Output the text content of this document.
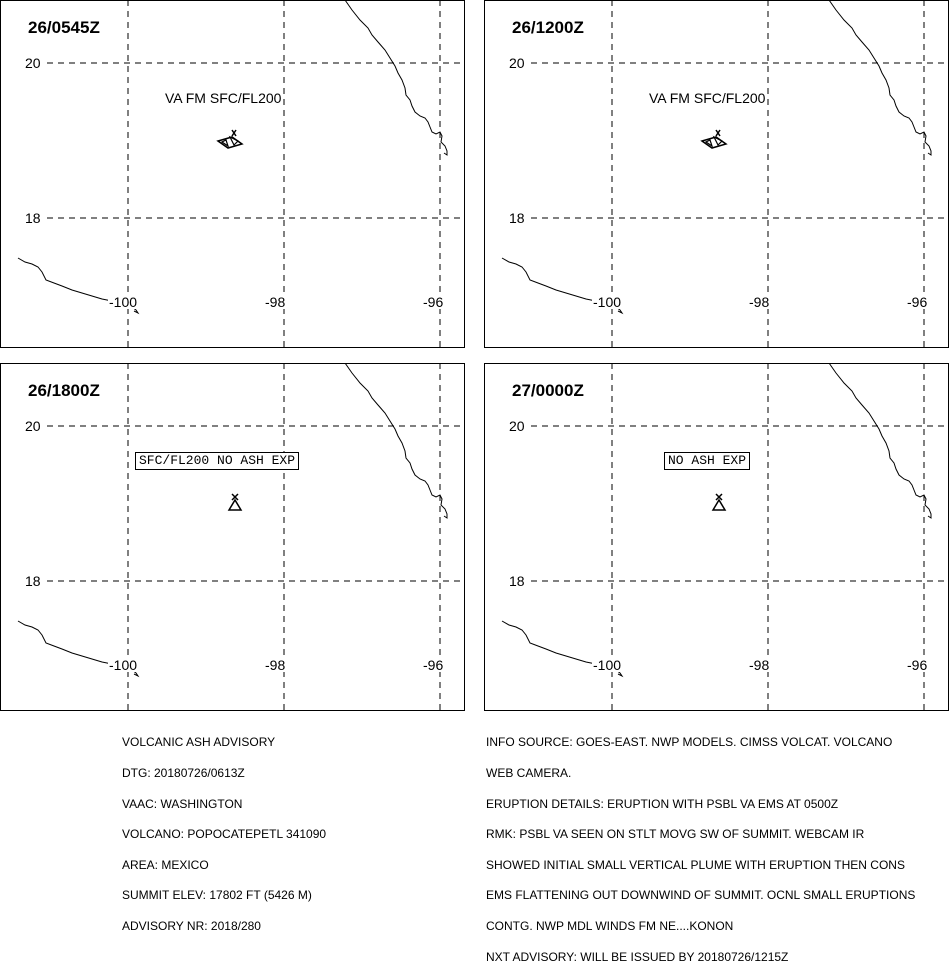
26/0545Z
20
18
-100	-98	-96
VA FM SFC/FL200
26/1200Z
20
18
-100	-98	-96
VA FM SFC/FL200
26/1800Z
20
18
-100	-98	-96
SFC/FL200 NO ASH EXP
27/0000Z
20
18
-100	-98	-96
NO ASH EXP

VOLCANIC ASH ADVISORY

DTG: 20180726/0613Z

VAAC: WASHINGTON

VOLCANO: POPOCATEPETL 341090

AREA: MEXICO

SUMMIT ELEV: 17802 FT (5426 M)

ADVISORY NR: 2018/280

INFO SOURCE: GOES-EAST. NWP MODELS. CIMSS VOLCAT. VOLCANO

WEB CAMERA.

ERUPTION DETAILS: ERUPTION WITH PSBL VA EMS AT 0500Z

RMK: PSBL VA SEEN ON STLT MOVG SW OF SUMMIT. WEBCAM IR

SHOWED INITIAL SMALL VERTICAL PLUME WITH ERUPTION THEN CONS

EMS FLATTENING OUT DOWNWIND OF SUMMIT. OCNL SMALL ERUPTIONS

CONTG. NWP MDL WINDS FM NE....KONON

NXT ADVISORY: WILL BE ISSUED BY 20180726/1215Z
